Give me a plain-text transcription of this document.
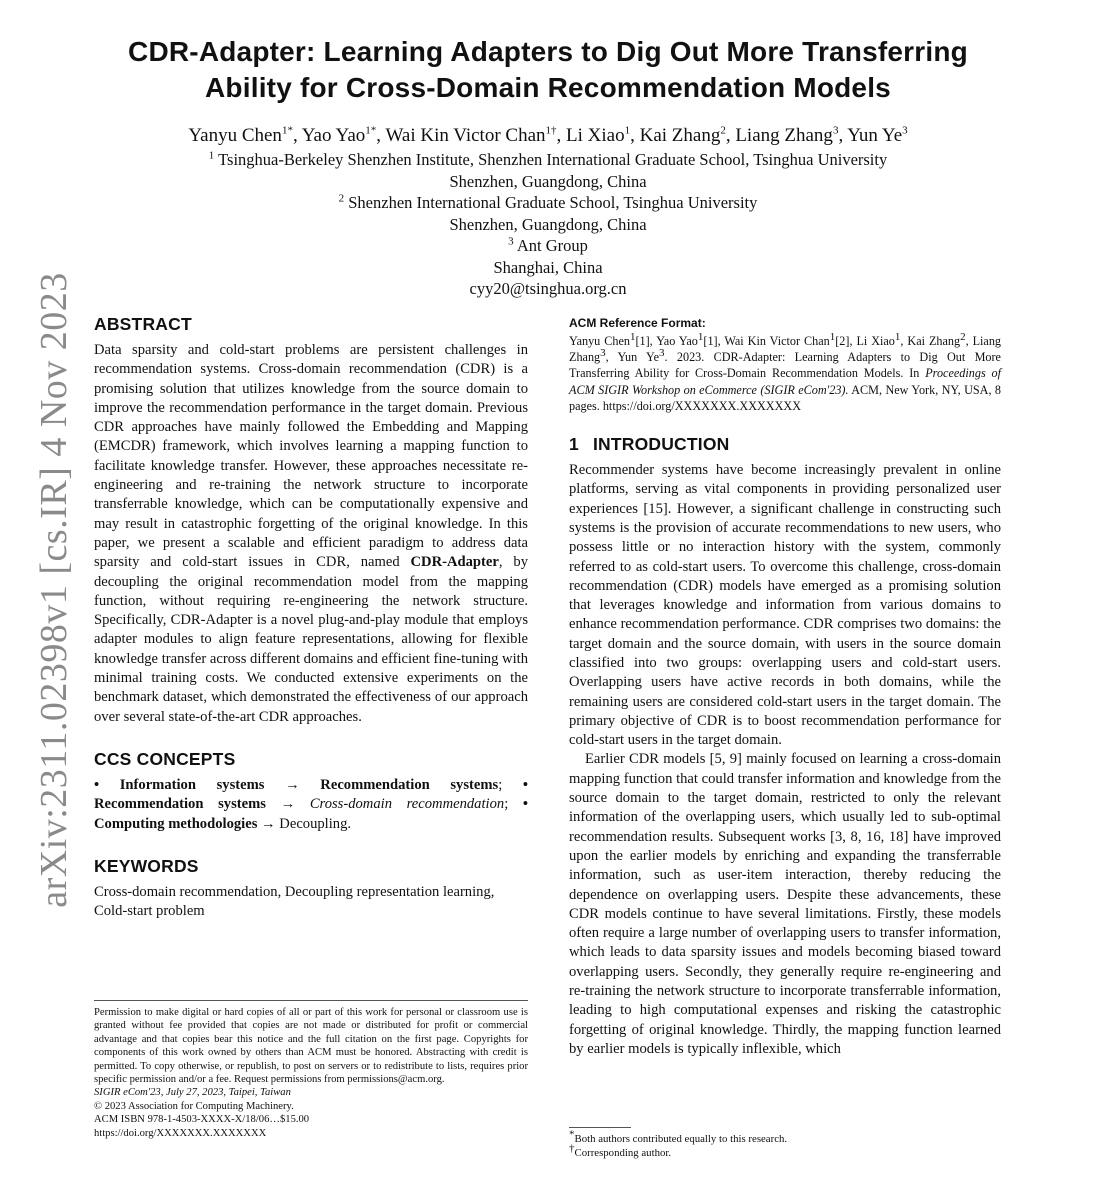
arXiv:2311.02398v1 [cs.IR] 4 Nov 2023
CDR-Adapter: Learning Adapters to Dig Out More Transferring
Ability for Cross-Domain Recommendation Models
Yanyu Chen$^{1*}$, Yao Yao$^{1*}$, Wai Kin Victor Chan$^{1\dagger}$, Li Xiao$^1$, Kai Zhang$^2$, Liang Zhang$^3$, Yun Ye$^3$
$^1$ Tsinghua-Berkeley Shenzhen Institute, Shenzhen International Graduate School, Tsinghua University
Shenzhen, Guangdong, China
$^2$ Shenzhen International Graduate School, Tsinghua University
Shenzhen, Guangdong, China
$^3$ Ant Group
Shanghai, China
cyy20@tsinghua.org.cn
ABSTRACT

Data sparsity and cold-start problems are persistent challenges in recommendation systems. Cross-domain recommendation (CDR) is a promising solution that utilizes knowledge from the source domain to improve the recommendation performance in the target domain. Previous CDR approaches have mainly followed the Embedding and Mapping (EMCDR) framework, which involves learning a mapping function to facilitate knowledge transfer. However, these approaches necessitate re-engineering and re-training the network structure to incorporate transferrable knowledge, which can be computationally expensive and may result in catastrophic forgetting of the original knowledge. In this paper, we present a scalable and efficient paradigm to address data sparsity and cold-start issues in CDR, named CDR-Adapter, by decoupling the original recommendation model from the mapping function, without requiring re-engineering the network structure. Specifically, CDR-Adapter is a novel plug-and-play module that employs adapter modules to align feature representations, allowing for flexible knowledge transfer across different domains and efficient fine-tuning with minimal training costs. We conducted extensive experiments on the benchmark dataset, which demonstrated the effectiveness of our approach over several state-of-the-art CDR approaches.

CCS CONCEPTS

• Information systems → Recommendation systems; • Recommendation systems → Cross-domain recommendation; • Computing methodologies → Decoupling.

KEYWORDS

Cross-domain recommendation, Decoupling representation learning, Cold-start problem

Permission to make digital or hard copies of all or part of this work for personal or classroom use is granted without fee provided that copies are not made or distributed for profit or commercial advantage and that copies bear this notice and the full citation on the first page. Copyrights for components of this work owned by others than ACM must be honored. Abstracting with credit is permitted. To copy otherwise, or republish, to post on servers or to redistribute to lists, requires prior specific permission and/or a fee. Request permissions from permissions@acm.org.

SIGIR eCom'23, July 27, 2023, Taipei, Taiwan

© 2023 Association for Computing Machinery.

ACM ISBN 978-1-4503-XXXX-X/18/06…$15.00

https://doi.org/XXXXXXX.XXXXXXX

ACM Reference Format:

Yanyu Chen$^1$[1], Yao Yao$^1$[1], Wai Kin Victor Chan$^1$[2], Li Xiao$^1$, Kai Zhang$^2$, Liang Zhang$^3$, Yun Ye$^3$. 2023. CDR-Adapter: Learning Adapters to Dig Out More Transferring Ability for Cross-Domain Recommendation Models. In Proceedings of ACM SIGIR Workshop on eCommerce (SIGIR eCom'23). ACM, New York, NY, USA, 8 pages. https://doi.org/XXXXXXX.XXXXXXX

1 INTRODUCTION

Recommender systems have become increasingly prevalent in online platforms, serving as vital components in providing personalized user experiences [15]. However, a significant challenge in constructing such systems is the provision of accurate recommendations to new users, who possess little or no interaction history with the system, commonly referred to as cold-start users. To overcome this challenge, cross-domain recommendation (CDR) models have emerged as a promising solution that leverages knowledge and information from various domains to enhance recommendation performance. CDR comprises two domains: the target domain and the source domain, with users in the source domain classified into two groups: overlapping users and cold-start users. Overlapping users have active records in both domains, while the remaining users are considered cold-start users in the target domain. The primary objective of CDR is to boost recommendation performance for cold-start users in the target domain.

Earlier CDR models [5, 9] mainly focused on learning a cross-domain mapping function that could transfer information and knowledge from the source domain to the target domain, restricted to only the relevant information of the overlapping users, which usually led to sub-optimal recommendation results. Subsequent works [3, 8, 16, 18] have improved upon the earlier models by enriching and expanding the transferrable information, such as user-item interaction, thereby reducing the dependence on overlapping users. Despite these advancements, these CDR models continue to have several limitations. Firstly, these models often require a large number of overlapping users to transfer information, which leads to data sparsity issues and models becoming biased toward overlapping users. Secondly, they generally require re-engineering and re-training the network structure to incorporate transferrable information, leading to high computational expenses and risking the catastrophic forgetting of original knowledge. Thirdly, the mapping function learned by earlier models is typically inflexible, which

*Both authors contributed equally to this research.

†Corresponding author.
